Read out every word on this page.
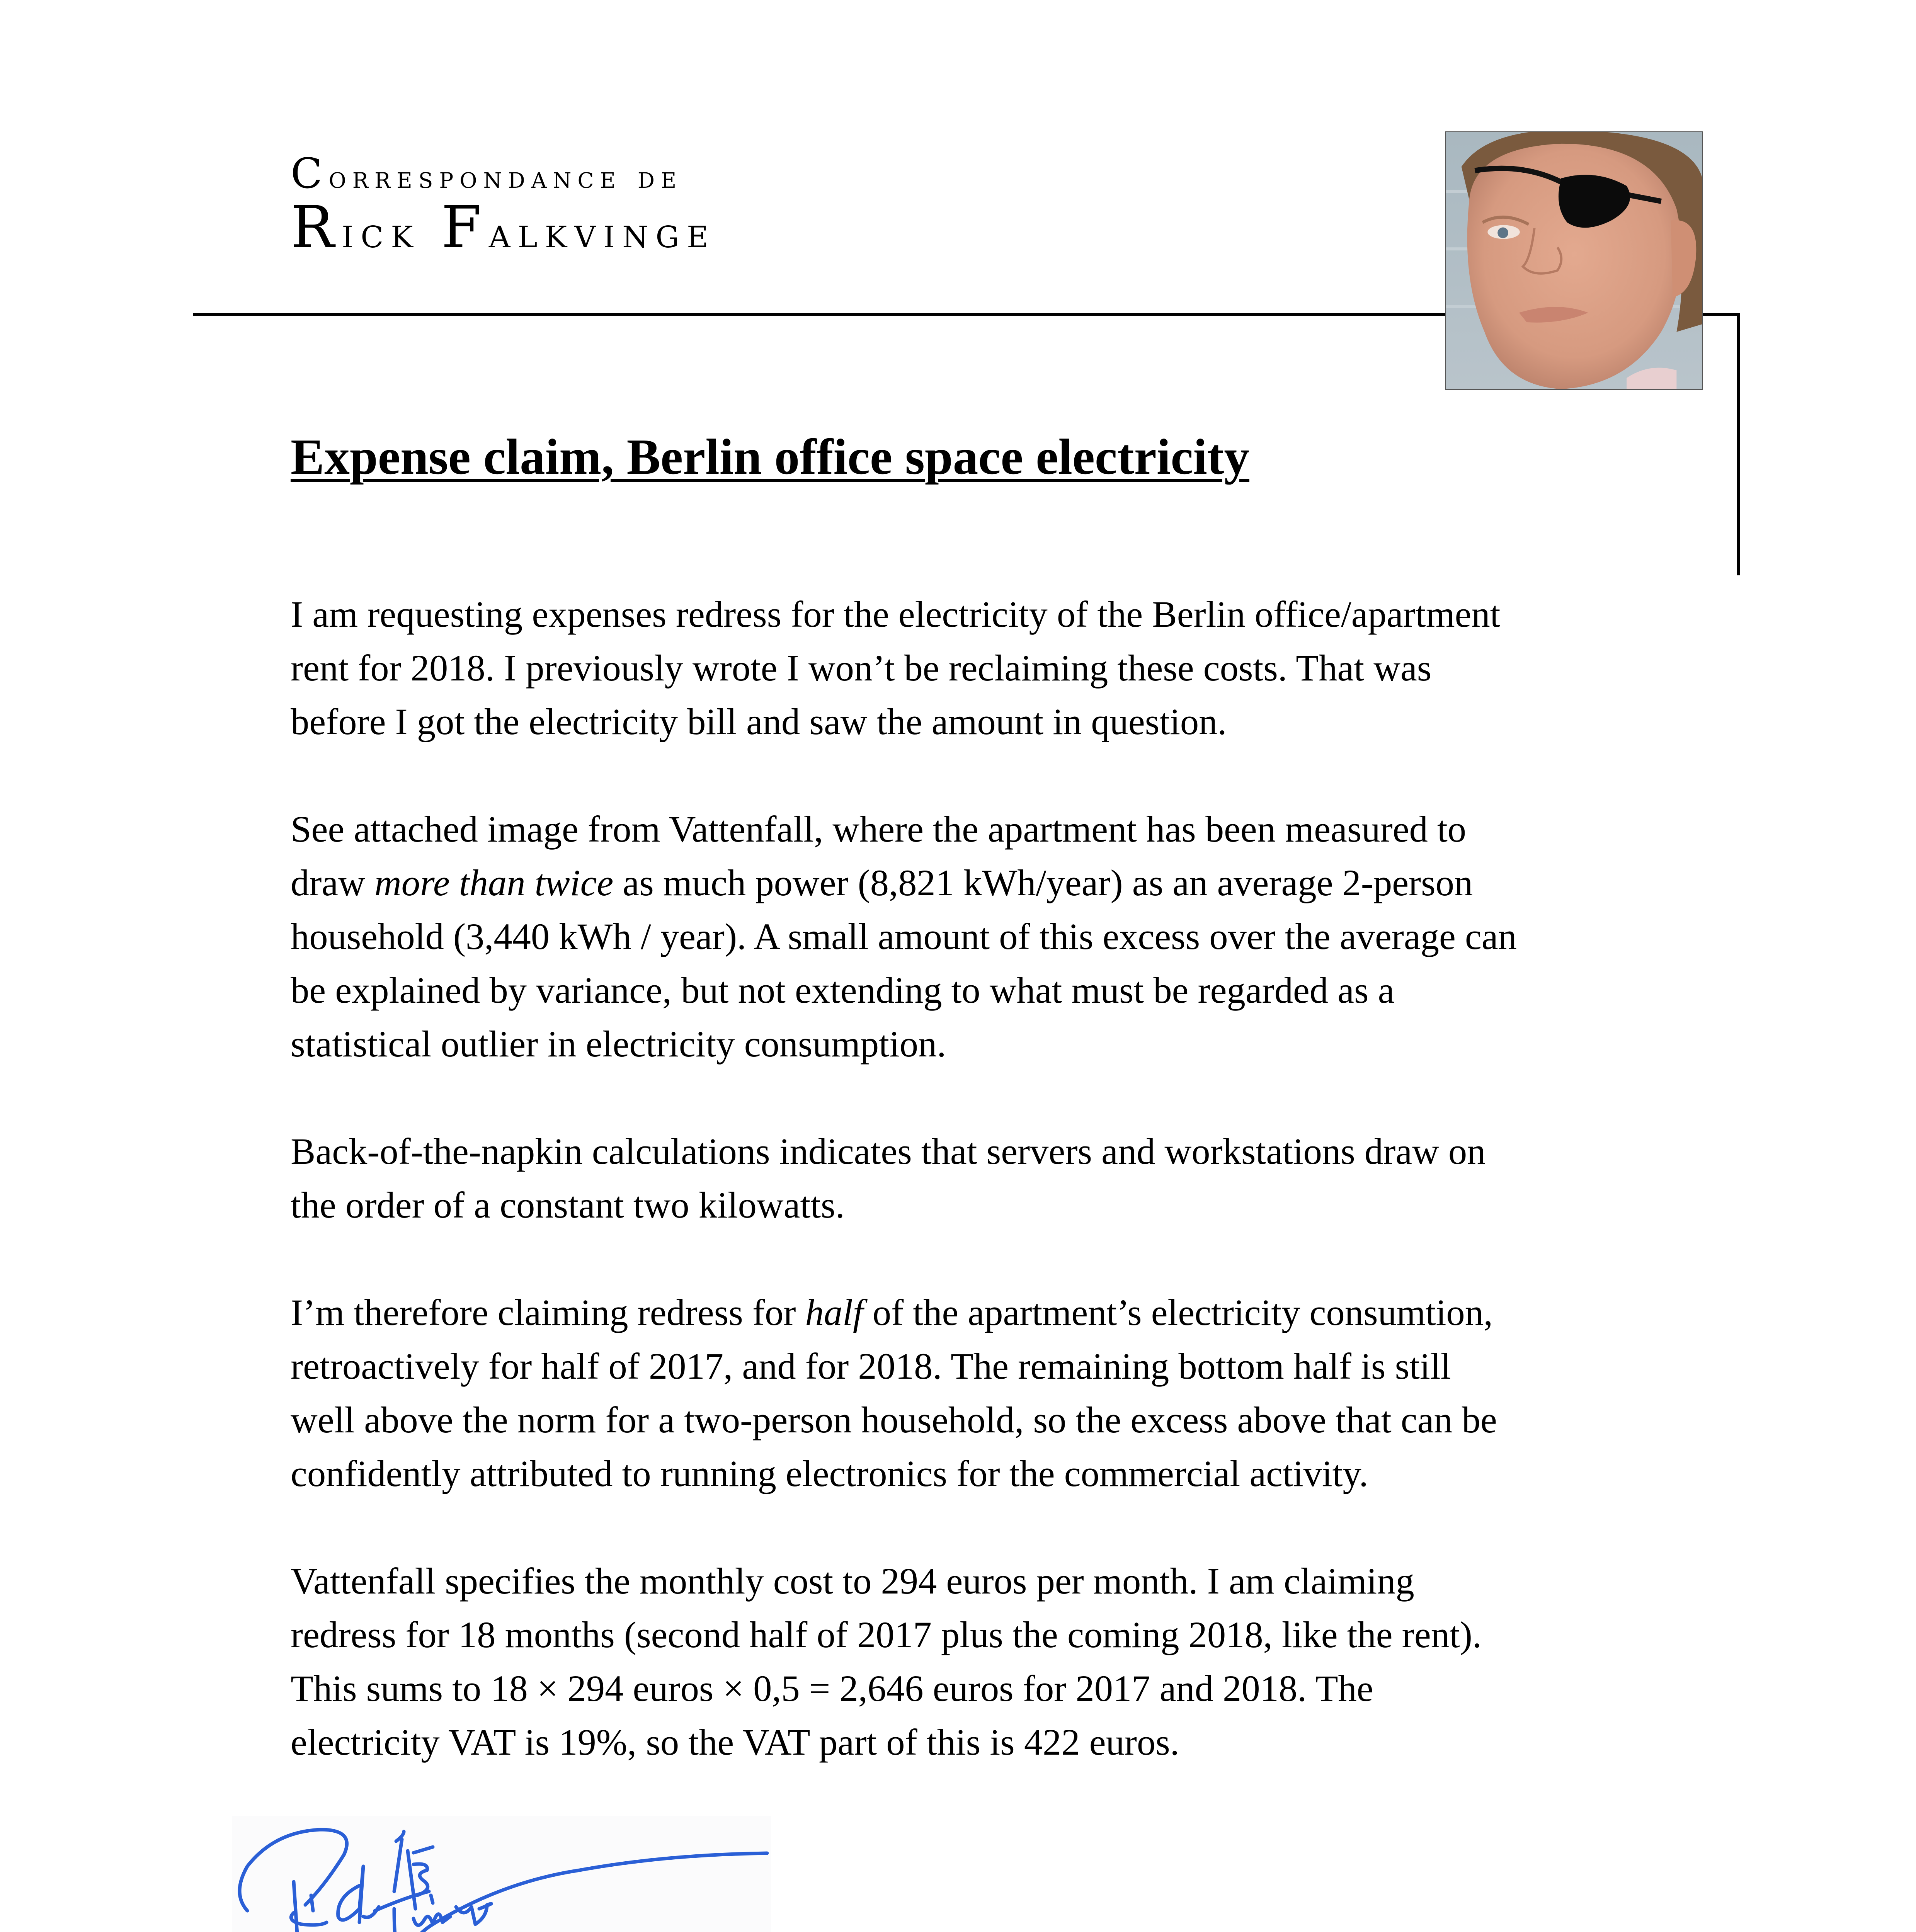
Correspondance de
Rick Falkvinge
Expense claim, Berlin office space electricity

I am requesting expenses redress for the electricity of the Berlin office/apartment
rent for 2018. I previously wrote I won’t be reclaiming these costs. That was
before I got the electricity bill and saw the amount in question.

See attached image from Vattenfall, where the apartment has been measured to
draw more than twice as much power (8,821 kWh/year) as an average 2-person
household (3,440 kWh / year). A small amount of this excess over the average can
be explained by variance, but not extending to what must be regarded as a
statistical outlier in electricity consumption.

Back-of-the-napkin calculations indicates that servers and workstations draw on
the order of a constant two kilowatts.

I’m therefore claiming redress for half of the apartment’s electricity consumtion,
retroactively for half of 2017, and for 2018. The remaining bottom half is still
well above the norm for a two-person household, so the excess above that can be
confidently attributed to running electronics for the commercial activity.

Vattenfall specifies the monthly cost to 294 euros per month. I am claiming
redress for 18 months (second half of 2017 plus the coming 2018, like the rent).
This sums to 18 × 294 euros × 0,5 = 2,646 euros for 2017 and 2018. The
electricity VAT is 19%, so the VAT part of this is 422 euros.
